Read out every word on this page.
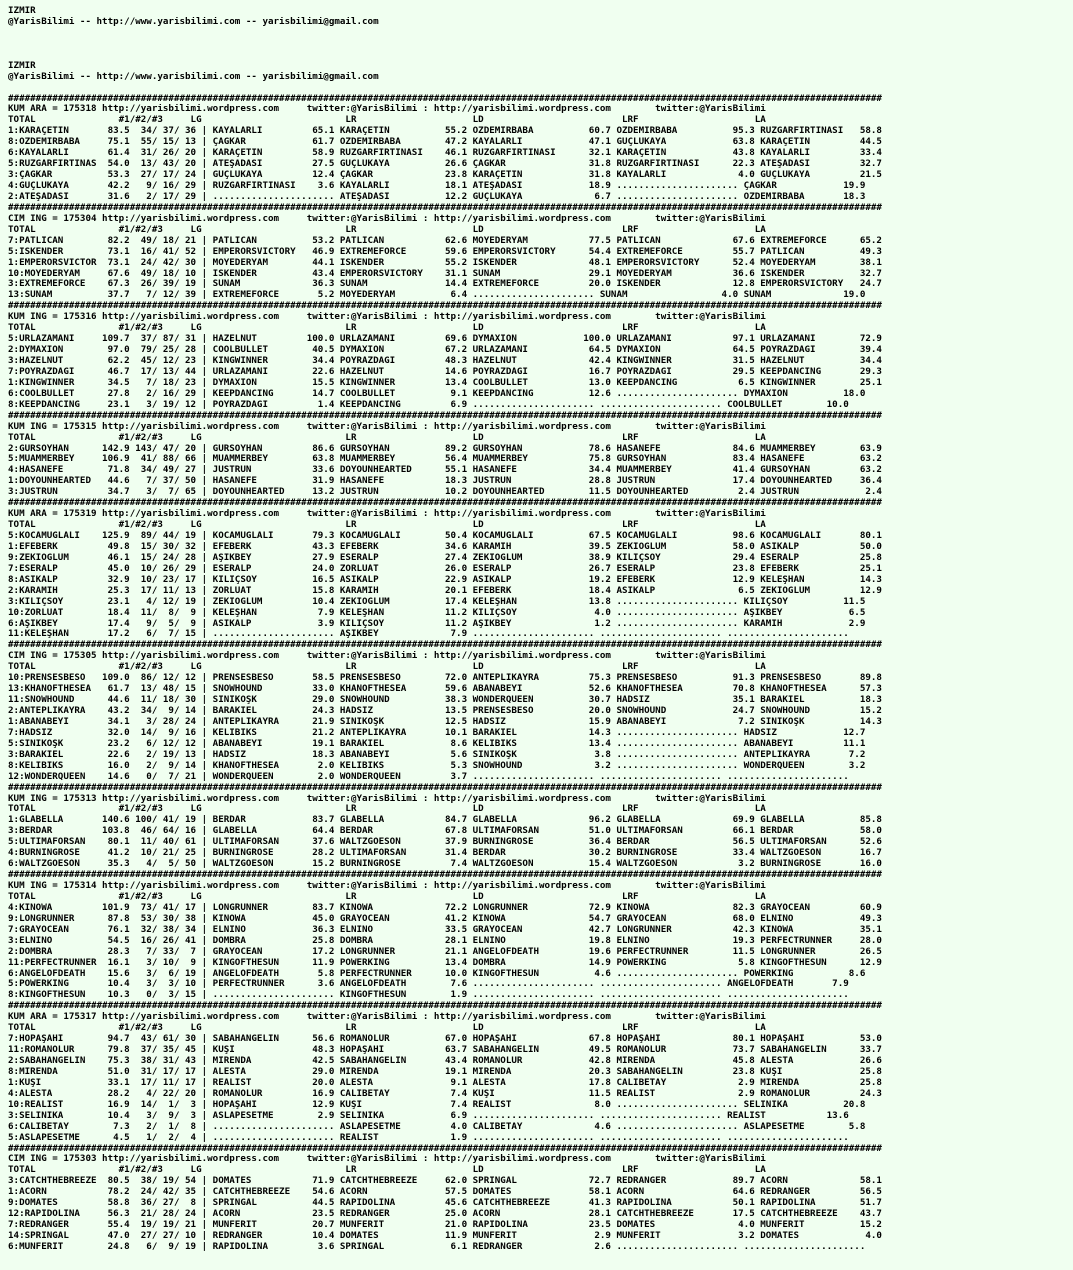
IZMIR
@YarisBilimi -- http://www.yarisbilimi.com -- yarisbilimi@gmail.com

IZMIR
@YarisBilimi -- http://www.yarisbilimi.com -- yarisbilimi@gmail.com

##############################################################################################################################################################
KUM ARA = 175318 http://yarisbilimi.wordpress.com     twitter:@YarisBilimi : http://yarisbilimi.wordpress.com        twitter:@YarisBilimi
TOTAL               #1/#2/#3     LG                          LR                     LD                         LRF                     LA
1:KARAÇETİN       83.5  34/ 37/ 36 | KAYALARLI         65.1 KARAÇETİN          55.2 ÖZDEMİRBABA          60.7 ÖZDEMİRBABA          95.3 RUZGARFIRTINASI   58.8
8:ÖZDEMİRBABA     75.1  55/ 15/ 13 | ÇAĞKAR            61.7 ÖZDEMİRBABA        47.2 KAYALARLI            47.1 GÜÇLUKAYA            63.8 KARAÇETİN         44.5
6:KAYALARLI       61.4  31/ 26/ 20 | KARAÇETİN         58.9 RUZGARFIRTINASI    46.1 RUZGARFIRTINASI      32.1 KARAÇETİN            43.8 KAYALARLI         33.4
5:RUZGARFIRTINAS  54.0  13/ 43/ 20 | ATEŞADASI         27.5 GÜÇLUKAYA          26.6 ÇAĞKAR               31.8 RUZGARFIRTINASI      22.3 ATEŞADASI         32.7
3:ÇAĞKAR          53.3  27/ 17/ 24 | GÜÇLUKAYA         12.4 ÇAĞKAR             23.8 KARAÇETİN            31.8 KAYALARLI             4.0 GÜÇLUKAYA         21.5
4:GÜÇLUKAYA       42.2   9/ 16/ 29 | RUZGARFIRTINASI    3.6 KAYALARLI          18.1 ATEŞADASI            18.9 ...................... ÇAĞKAR            19.9
2:ATEŞADASI       31.6   2/ 17/ 29 | ...................... ATEŞADASI          12.2 GÜÇLUKAYA             6.7 ...................... ÖZDEMİRBABA       18.3
##############################################################################################################################################################
CIM ING = 175304 http://yarisbilimi.wordpress.com     twitter:@YarisBilimi : http://yarisbilimi.wordpress.com        twitter:@YarisBilimi
TOTAL               #1/#2/#3     LG                          LR                     LD                         LRF                     LA
7:PATLICAN        82.2  49/ 18/ 21 | PATLICAN          53.2 PATLICAN           62.6 MOYEDERYAM           77.5 PATLICAN             67.6 EXTREMEFORCE      65.2
5:ISKENDER        73.1  16/ 41/ 52 | EMPERORSVICTORY   46.9 EXTREMEFORCE       59.6 EMPERORSVICTORY      54.4 EXTREMEFORCE         55.7 PATLICAN          49.3
1:EMPERORSVICTOR  73.1  24/ 42/ 30 | MOYEDERYAM        44.1 ISKENDER           55.2 ISKENDER             48.1 EMPERORSVICTORY      52.4 MOYEDERYAM        38.1
10:MOYEDERYAM     67.6  49/ 18/ 10 | ISKENDER          43.4 EMPERORSVICTORY    31.1 SUNAM                29.1 MOYEDERYAM           36.6 ISKENDER          32.7
3:EXTREMEFORCE    67.3  26/ 39/ 19 | SUNAM             36.3 SUNAM              14.4 EXTREMEFORCE         20.0 ISKENDER             12.8 EMPERORSVICTORY   24.7
13:SUNAM          37.7   7/ 12/ 39 | EXTREMEFORCE       5.2 MOYEDERYAM          6.4 ...................... SUNAM                 4.0 SUNAM             19.0
##############################################################################################################################################################
KUM ING = 175316 http://yarisbilimi.wordpress.com     twitter:@YarisBilimi : http://yarisbilimi.wordpress.com        twitter:@YarisBilimi
TOTAL               #1/#2/#3     LG                          LR                     LD                         LRF                     LA
5:URLAZAMANI     109.7  37/ 87/ 31 | HAZELNUT         100.0 URLAZAMANI         69.6 DYMAXION            100.0 URLAZAMANI           97.1 URLAZAMANI        72.9
2:DYMAXION        97.0  79/ 25/ 28 | COOLBULLET        40.5 DYMAXION           67.2 URLAZAMANI           64.5 DYMAXION             64.5 POYRAZDAĞI        39.4
3:HAZELNUT        62.2  45/ 12/ 23 | KINGWINNER        34.4 POYRAZDAĞI         48.3 HAZELNUT             42.4 KINGWINNER           31.5 HAZELNUT          34.4
7:POYRAZDAĞI      46.7  17/ 13/ 44 | URLAZAMANI        22.6 HAZELNUT           14.6 POYRAZDAĞI           16.7 POYRAZDAĞI           29.5 KEEPDANCING       29.3
1:KINGWINNER      34.5   7/ 18/ 23 | DYMAXION          15.5 KINGWINNER         13.4 COOLBULLET           13.0 KEEPDANCING           6.5 KINGWINNER        25.1
6:COOLBULLET      27.8   2/ 16/ 29 | KEEPDANCING       14.7 COOLBULLET          9.1 KEEPDANCING          12.6 ...................... DYMAXION          18.0
8:KEEPDANCING     23.1   3/ 19/ 12 | POYRAZDAĞI         1.4 KEEPDANCING         6.9 ...................... ...................... COOLBULLET        10.0
##############################################################################################################################################################
KUM ING = 175315 http://yarisbilimi.wordpress.com     twitter:@YarisBilimi : http://yarisbilimi.wordpress.com        twitter:@YarisBilimi
TOTAL               #1/#2/#3     LG                          LR                     LD                         LRF                     LA
2:GURSOYHAN      142.9 143/ 47/ 20 | GURSOYHAN         86.6 GURSOYHAN          89.2 GURSOYHAN            78.6 HASANEFE             84.6 MUAMMERBEY        63.9
5:MUAMMERBEY     106.9  41/ 88/ 66 | MUAMMERBEY        63.8 MUAMMERBEY         56.4 MUAMMERBEY           75.8 GURSOYHAN            83.4 HASANEFE          63.2
4:HASANEFE        71.8  34/ 49/ 27 | JUSTRUN           33.6 DOYOUNHEARTED      55.1 HASANEFE             34.4 MUAMMERBEY           41.4 GURSOYHAN         63.2
1:DOYOUNHEARTED   44.6   7/ 37/ 50 | HASANEFE          31.9 HASANEFE           18.3 JUSTRUN              28.8 JUSTRUN              17.4 DOYOUNHEARTED     36.4
3:JUSTRUN         34.7   3/  7/ 65 | DOYOUNHEARTED     13.2 JUSTRUN            10.2 DOYOUNHEARTED        11.5 DOYOUNHEARTED         2.4 JUSTRUN            2.4
##############################################################################################################################################################
KUM ARA = 175319 http://yarisbilimi.wordpress.com     twitter:@YarisBilimi : http://yarisbilimi.wordpress.com        twitter:@YarisBilimi
TOTAL               #1/#2/#3     LG                          LR                     LD                         LRF                     LA
5:KOCAMUĞLALI    125.9  89/ 44/ 19 | KOCAMUĞLALI       79.3 KOCAMUĞLALI        50.4 KOCAMUĞLALI          67.5 KOCAMUĞLALI          98.6 KOCAMUĞLALI       80.1
1:EFEBERK         49.8  15/ 30/ 32 | EFEBERK           43.3 EFEBERK            34.6 KARAMIH              39.5 ZEKİOGLUM            58.0 ASİKALP           50.0
9:ZEKİOGLUM       46.1  15/ 24/ 28 | AŞIKBEY           27.9 ESERALP            27.4 ZEKİOGLUM            38.9 KILIÇSOY             29.4 ESERALP           25.8
7:ESERALP         45.0  10/ 26/ 29 | ESERALP           24.0 ZORLUAT            26.0 ESERALP              26.7 ESERALP              23.8 EFEBERK           25.1
8:ASİKALP         32.9  10/ 23/ 17 | KILIÇSOY          16.5 ASİKALP            22.9 ASİKALP              19.2 EFEBERK              12.9 KELEŞHAN          14.3
2:KARAMIH         25.3  17/ 11/ 13 | ZORLUAT           15.8 KARAMIH            20.1 EFEBERK              18.4 ASİKALP               6.5 ZEKİOGLUM         12.9
3:KILIÇSOY        23.1   4/ 12/ 19 | ZEKİOGLUM         10.4 ZEKİOGLUM          17.4 KELEŞHAN             13.8 ...................... KILIÇSOY          11.5
10:ZORLUAT        18.4  11/  8/  9 | KELEŞHAN           7.9 KELEŞHAN           11.2 KILIÇSOY              4.0 ...................... AŞIKBEY            6.5
6:AŞIKBEY         17.4   9/  5/  9 | ASİKALP            3.9 KILIÇSOY           11.2 AŞIKBEY               1.2 ...................... KARAMIH            2.9
11:KELEŞHAN       17.2   6/  7/ 15 | ...................... AŞIKBEY             7.9 ...................... ...................... ......................
##############################################################################################################################################################
CIM ING = 175305 http://yarisbilimi.wordpress.com     twitter:@YarisBilimi : http://yarisbilimi.wordpress.com        twitter:@YarisBilimi
TOTAL               #1/#2/#3     LG                          LR                     LD                         LRF                     LA
10:PRENSESBESO   109.0  86/ 12/ 12 | PRENSESBESO       58.5 PRENSESBESO        72.0 ANTEPLİKAYRA         75.3 PRENSESBESO          91.3 PRENSESBESO       89.8
13:KHANOFTHESEA   61.7  13/ 48/ 15 | SNOWHOUND         33.0 KHANOFTHESEA       59.6 ABANABEYİ            52.6 KHANOFTHESEA         70.8 KHANOFTHESEA      57.3
11:SNOWHOUND      44.6  11/ 18/ 30 | SİNİKÖŞK          29.0 SNOWHOUND          38.3 WONDERQUEEN          30.7 HADSIZ               35.1 BARAKIEL          18.3
2:ANTEPLİKAYRA    43.2  34/  9/ 14 | BARAKIEL          24.3 HADSIZ             13.5 PRENSESBESO          20.0 SNOWHOUND            24.7 SNOWHOUND         15.2
1:ABANABEYİ       34.1   3/ 28/ 24 | ANTEPLİKAYRA      21.9 SİNİKÖŞK           12.5 HADSIZ               15.9 ABANABEYİ             7.2 SİNİKÖŞK          14.3
7:HADSIZ          32.0  14/  9/ 16 | KELİBİKS          21.2 ANTEPLİKAYRA       10.1 BARAKIEL             14.3 ...................... HADSIZ            12.7
5:SİNİKÖŞK        23.2   6/ 12/ 12 | ABANABEYİ         19.1 BARAKIEL            8.6 KELİBİKS             13.4 ...................... ABANABEYİ         11.1
3:BARAKIEL        22.6   2/ 19/ 13 | HADSIZ            18.3 ABANABEYİ           5.6 SİNİKÖŞK              3.8 ...................... ANTEPLİKAYRA       7.2
8:KELİBİKS        16.0   2/  9/ 14 | KHANOFTHESEA       2.0 KELİBİKS            5.3 SNOWHOUND             3.2 ...................... WONDERQUEEN        3.2
12:WONDERQUEEN    14.6   0/  7/ 21 | WONDERQUEEN        2.0 WONDERQUEEN         3.7 ...................... ...................... ......................
##############################################################################################################################################################
KUM ING = 175313 http://yarisbilimi.wordpress.com     twitter:@YarisBilimi : http://yarisbilimi.wordpress.com        twitter:@YarisBilimi
TOTAL               #1/#2/#3     LG                          LR                     LD                         LRF                     LA
1:GLABELLA       140.6 100/ 41/ 19 | BERDAR            83.7 GLABELLA           84.7 GLABELLA             96.2 GLABELLA             69.9 GLABELLA          85.8
3:BERDAR         103.8  46/ 64/ 16 | GLABELLA          64.4 BERDAR             67.8 ULTIMAFORSAN         51.0 ULTIMAFORSAN         66.1 BERDAR            58.0
5:ULTIMAFORSAN    80.1  11/ 40/ 61 | ULTIMAFORSAN      37.6 WALTZGOESON        37.9 BURNINGROSE          36.4 BERDAR               56.5 ULTIMAFORSAN      52.6
4:BURNINGROSE     41.2  10/ 21/ 25 | BURNINGROSE       28.2 ULTIMAFORSAN       31.4 BERDAR               30.2 BURNINGROSE          33.4 WALTZGOESON       16.7
6:WALTZGOESON     35.3   4/  5/ 50 | WALTZGOESON       15.2 BURNINGROSE         7.4 WALTZGOESON          15.4 WALTZGOESON           3.2 BURNINGROSE       16.0
##############################################################################################################################################################
KUM ING = 175314 http://yarisbilimi.wordpress.com     twitter:@YarisBilimi : http://yarisbilimi.wordpress.com        twitter:@YarisBilimi
TOTAL               #1/#2/#3     LG                          LR                     LD                         LRF                     LA
4:KINOWA         101.9  73/ 41/ 17 | LONGRUNNER        83.7 KINOWA             72.2 LONGRUNNER           72.9 KINOWA               82.3 GRAYOCEAN         60.9
9:LONGRUNNER      87.8  53/ 30/ 38 | KINOWA            45.0 GRAYOCEAN          41.2 KINOWA               54.7 GRAYOCEAN            68.0 ELNINO            49.3
7:GRAYOCEAN       76.1  32/ 38/ 34 | ELNINO            36.3 ELNINO             33.5 GRAYOCEAN            42.7 LONGRUNNER           42.3 KINOWA            35.1
3:ELNINO          54.5  16/ 26/ 41 | DOMBRA            25.8 DOMBRA             28.1 ELNINO               19.8 ELNINO               19.3 PERFECTRUNNER     28.0
2:DOMBRA          28.3   7/ 33/  7 | GRAYOCEAN         17.2 LONGRUNNER         21.1 ANGELOFDEATH         19.6 PERFECTRUNNER        11.5 LONGRUNNER        26.5
11:PERFECTRUNNER  16.1   3/ 10/  9 | KINGOFTHESUN      11.9 POWERKING          13.4 DOMBRA               14.9 POWERKING             5.8 KINGOFTHESUN      12.9
6:ANGELOFDEATH    15.6   3/  6/ 19 | ANGELOFDEATH       5.8 PERFECTRUNNER      10.0 KINGOFTHESUN          4.6 ...................... POWERKING          8.6
5:POWERKING       10.4   3/  3/ 10 | PERFECTRUNNER      3.6 ANGELOFDEATH        7.6 ...................... ...................... ANGELOFDEATH       7.9
8:KINGOFTHESUN    10.3   0/  3/ 15 | ...................... KINGOFTHESUN        1.9 ...................... ...................... ......................
##############################################################################################################################################################
KUM ARA = 175317 http://yarisbilimi.wordpress.com     twitter:@YarisBilimi : http://yarisbilimi.wordpress.com        twitter:@YarisBilimi
TOTAL               #1/#2/#3     LG                          LR                     LD                         LRF                     LA
7:HOPAŞAHI        94.7  43/ 61/ 30 | SABAHANGELİN      56.6 ROMANOLUR          67.0 HOPAŞAHI             67.8 HOPAŞAHI             80.1 HOPAŞAHI          53.0
11:ROMANOLUR      79.8  37/ 35/ 45 | KUŞİ              48.3 HOPAŞAHI           63.7 SABAHANGELİN         49.5 ROMANOLUR            73.7 SABAHANGELİN      33.7
2:SABAHANGELİN    75.3  38/ 31/ 43 | MİRENDA           42.5 SABAHANGELİN       43.4 ROMANOLUR            42.8 MİRENDA              45.8 ALESTA            26.6
8:MİRENDA         51.0  31/ 17/ 17 | ALESTA            29.0 MİRENDA            19.1 MİRENDA              20.3 SABAHANGELİN         23.8 KUŞİ              25.8
1:KUŞİ            33.1  17/ 11/ 17 | REALİST           20.0 ALESTA              9.1 ALESTA               17.8 CALİBETAY             2.9 MİRENDA           25.8
4:ALESTA          28.2   4/ 22/ 20 | ROMANOLUR         16.9 CALİBETAY           7.4 KUŞİ                 11.5 REALİST               2.9 ROMANOLUR         24.3
10:REALİST        16.9  14/  1/  3 | HOPAŞAHI          12.9 KUŞİ                7.4 REALİST               8.0 ...................... SELİNİKA          20.8
3:SELİNİKA        10.4   3/  9/  3 | ASLAPESETME        2.9 SELİNİKA            6.9 ...................... ...................... REALİST           13.6
6:CALİBETAY        7.3   2/  1/  8 | ...................... ASLAPESETME         4.0 CALİBETAY             4.6 ...................... ASLAPESETME        5.8
5:ASLAPESETME      4.5   1/  2/  4 | ...................... REALİST             1.9 ...................... ...................... ......................
##############################################################################################################################################################
CIM ING = 175303 http://yarisbilimi.wordpress.com     twitter:@YarisBilimi : http://yarisbilimi.wordpress.com        twitter:@YarisBilimi
TOTAL               #1/#2/#3     LG                          LR                     LD                         LRF                     LA
3:CATCHTHEBREEZE  80.5  38/ 19/ 54 | DOMATES           71.9 CATCHTHEBREEZE     62.0 SPRINGAL             72.7 REDRANGER            89.7 ACORN             58.1
1:ACORN           78.2  24/ 42/ 35 | CATCHTHEBREEZE    54.6 ACORN              57.5 DOMATES              58.1 ACORN                64.6 REDRANGER         56.5
9:DOMATES         58.8  36/ 27/  8 | SPRINGAL          44.5 RAPIDOLINA         45.6 CATCHTHEBREEZE       41.3 RAPIDOLINA           50.1 RAPIDOLINA        51.7
12:RAPIDOLINA     56.3  21/ 28/ 24 | ACORN             23.5 REDRANGER          25.0 ACORN                28.1 CATCHTHEBREEZE       17.5 CATCHTHEBREEZE    43.7
7:REDRANGER       55.4  19/ 19/ 21 | MUNFERİT          20.7 MUNFERİT           21.0 RAPIDOLINA           23.5 DOMATES               4.0 MUNFERİT          15.2
14:SPRINGAL       47.0  27/ 27/ 10 | REDRANGER         10.4 DOMATES            11.9 MUNFERİT              2.9 MUNFERİT              3.2 DOMATES            4.0
6:MUNFERİT        24.8   6/  9/ 19 | RAPIDOLINA         3.6 SPRINGAL            6.1 REDRANGER             2.6 ...................... ......................
